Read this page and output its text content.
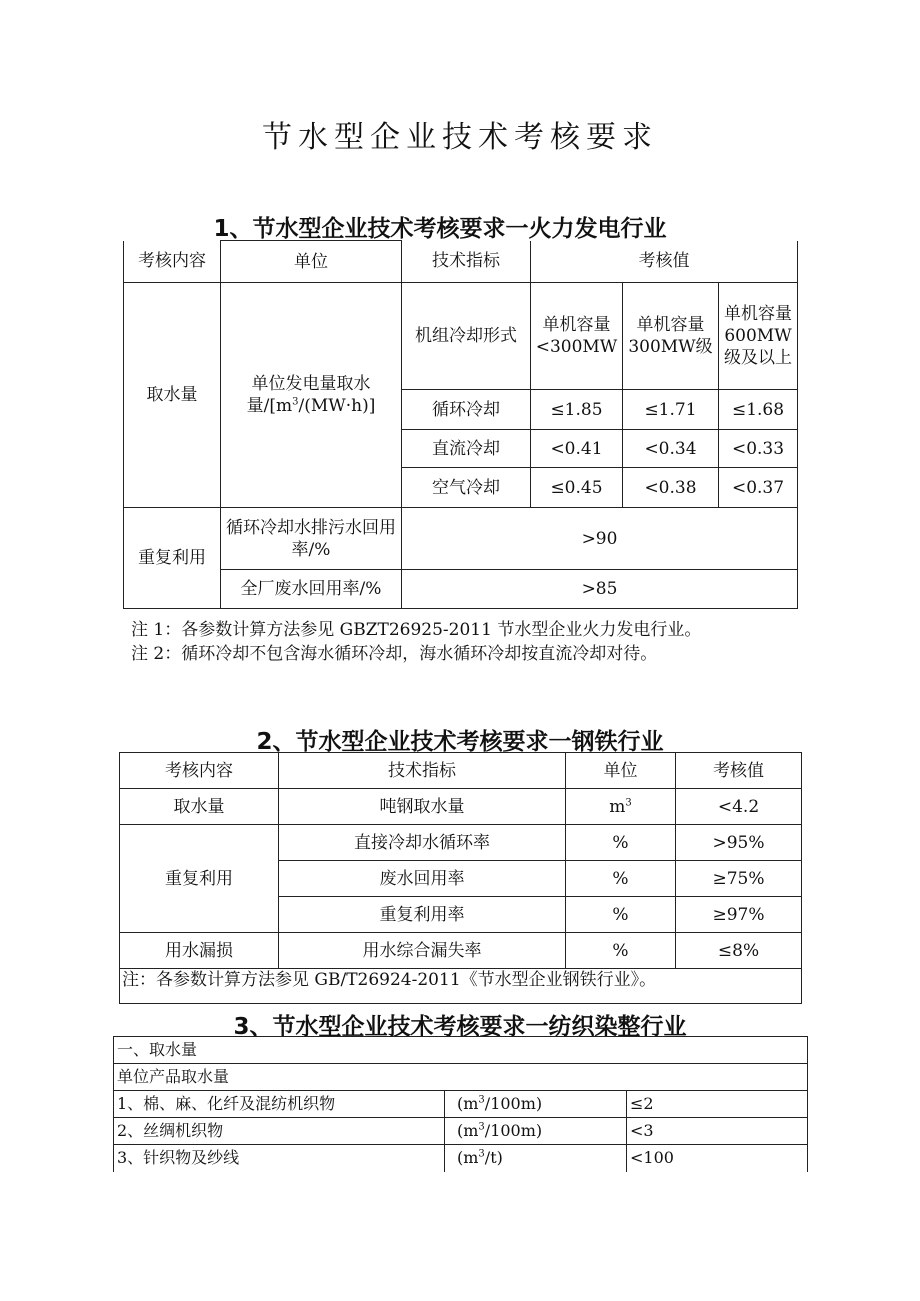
节水型企业技术考核要求
1、节水型企业技术考核要求一火力发电行业
考核内容	单位	技术指标	考核值		
取水量	单位发电量取水量$/[m^3/(MW\cdot h)]$	机组冷却形式	单机容量<300MW	单机容量300MW级	单机容量600MW级及以上
		循环冷却	≤1.85	≤1.71	≤1.68
		直流冷却	<0.41	<0.34	<0.33
		空气冷却	≤0.45	<0.38	<0.37
重复利用	循环冷却水排污水回用率/%	>90			
	全厂废水回用率/%	>85			
注 1：各参数计算方法参见 GBZT26925-2011 节水型企业火力发电行业。
注 2：循环冷却不包含海水循环冷却，海水循环冷却按直流冷却对待。
2、节水型企业技术考核要求一钢铁行业
考核内容	技术指标	单位	考核值
取水量	吨钢取水量	$m^3$	<4.2
重复利用	直接冷却水循环率	%	>95%
	废水回用率	%	≥75%
	重复利用率	%	≥97%
用水漏损	用水综合漏失率	%	≤8%
注：各参数计算方法参见 GB/T26924-2011《节水型企业钢铁行业》。			
3、节水型企业技术考核要求一纺织染整行业
一、取水量		
单位产品取水量		
1、棉、麻、化纤及混纺机织物	$(m^3/100m)$	≤2
2、丝绸机织物	$(m^3/100m)$	<3
3、针织物及纱线	$(m^3/t)$	<100
